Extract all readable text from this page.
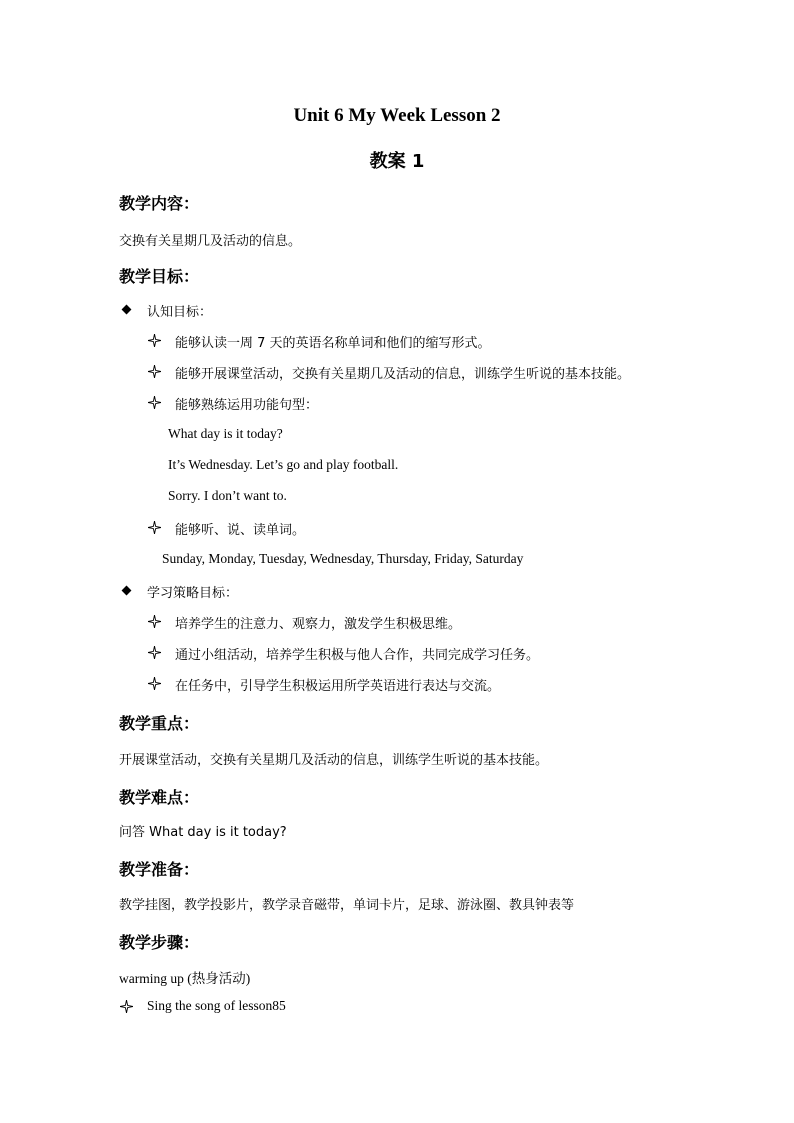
Unit 6 My Week Lesson 2
教案 1
教学内容：
交换有关星期几及活动的信息。
教学目标：
认知目标：
能够认读一周 7 天的英语名称单词和他们的缩写形式。
能够开展课堂活动，交换有关星期几及活动的信息，训练学生听说的基本技能。
能够熟练运用功能句型：
What day is it today?
It’s Wednesday. Let’s go and play football.
Sorry. I don’t want to.
能够听、说、读单词。
Sunday, Monday, Tuesday, Wednesday, Thursday, Friday, Saturday
学习策略目标：
培养学生的注意力、观察力，激发学生积极思维。
通过小组活动，培养学生积极与他人合作，共同完成学习任务。
在任务中，引导学生积极运用所学英语进行表达与交流。
教学重点：
开展课堂活动，交换有关星期几及活动的信息，训练学生听说的基本技能。
教学难点：
问答 What day is it today?
教学准备：
教学挂图，教学投影片，教学录音磁带，单词卡片，足球、游泳圈、教具钟表等
教学步骤：
warming up (热身活动)
Sing the song of lesson85
